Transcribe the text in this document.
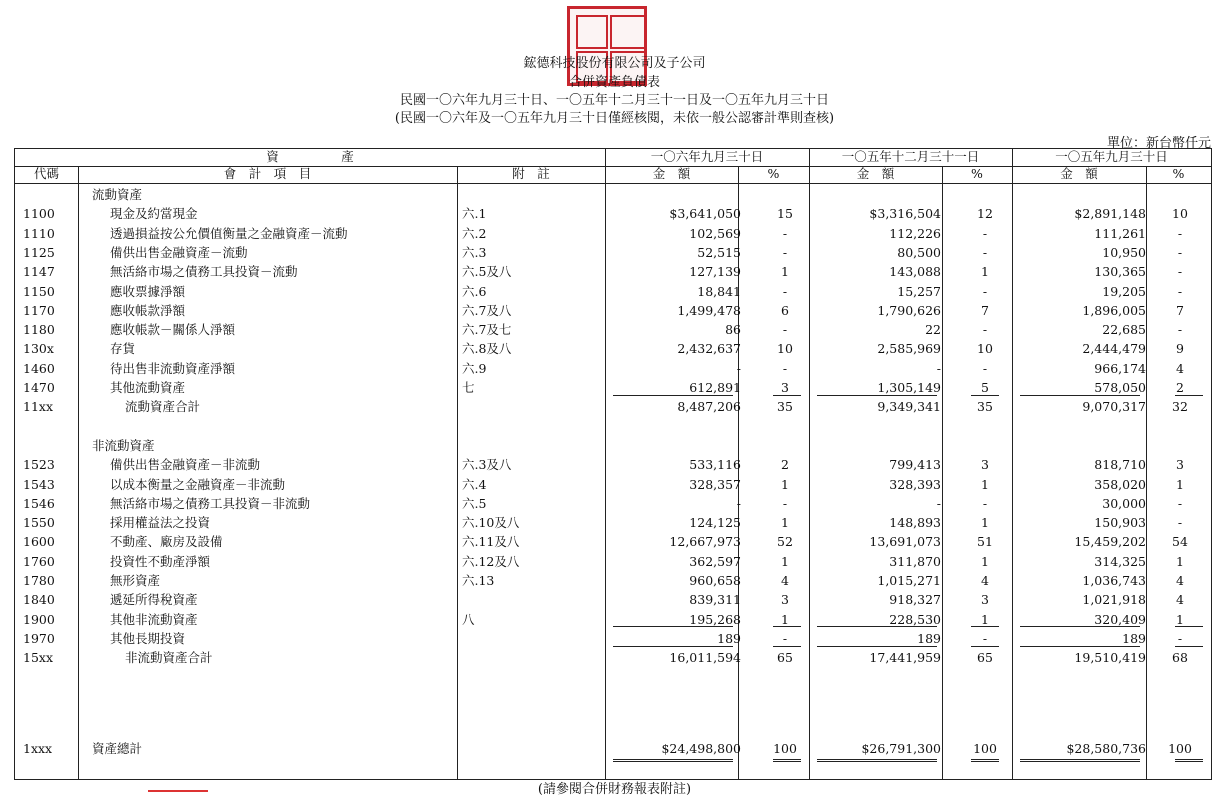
鋐德科技股份有限公司及子公司
合併資產負債表
民國一〇六年九月三十日、一〇五年十二月三十一日及一〇五年九月三十日
(民國一〇六年及一〇五年九月三十日僅經核閱，未依一般公認審計準則查核)
單位：新台幣仟元
資　　　　　產	一〇六年九月三十日	一〇五年十二月三十一日	一〇五年九月三十日
代碼	會　計　項　目	附　註	金　額	%	金　額	%	金　額	%
流動資產
1100	現金及約當現金	六.1	$3,641,050	15	$3,316,504	12	$2,891,148	10
1110	透過損益按公允價值衡量之金融資產－流動	六.2	102,569	-	112,226	-	111,261	-
1125	備供出售金融資產－流動	六.3	52,515	-	80,500	-	10,950	-
1147	無活絡市場之債務工具投資－流動	六.5及八	127,139	1	143,088	1	130,365	-
1150	應收票據淨額	六.6	18,841	-	15,257	-	19,205	-
1170	應收帳款淨額	六.7及八	1,499,478	6	1,790,626	7	1,896,005	7
1180	應收帳款－關係人淨額	六.7及七	86	-	22	-	22,685	-
130x	存貨	六.8及八	2,432,637	10	2,585,969	10	2,444,479	9
1460	待出售非流動資產淨額	六.9	-	-	-	-	966,174	4
1470	其他流動資產	七	612,891	3	1,305,149	5	578,050	2
11xx	流動資產合計	8,487,206	35	9,349,341	35	9,070,317	32
非流動資產
1523	備供出售金融資產－非流動	六.3及八	533,116	2	799,413	3	818,710	3
1543	以成本衡量之金融資產－非流動	六.4	328,357	1	328,393	1	358,020	1
1546	無活絡市場之債務工具投資－非流動	六.5	-	-	-	-	30,000	-
1550	採用權益法之投資	六.10及八	124,125	1	148,893	1	150,903	-
1600	不動產、廠房及設備	六.11及八	12,667,973	52	13,691,073	51	15,459,202	54
1760	投資性不動產淨額	六.12及八	362,597	1	311,870	1	314,325	1
1780	無形資產	六.13	960,658	4	1,015,271	4	1,036,743	4
1840	遞延所得稅資產	839,311	3	918,327	3	1,021,918	4
1900	其他非流動資產	八	195,268	1	228,530	1	320,409	1
1970	其他長期投資	189	-	189	-	189	-
15xx	非流動資產合計	16,011,594	65	17,441,959	65	19,510,419	68
1xxx	資產總計	$24,498,800	100	$26,791,300	100	$28,580,736	100
(請參閱合併財務報表附註)
